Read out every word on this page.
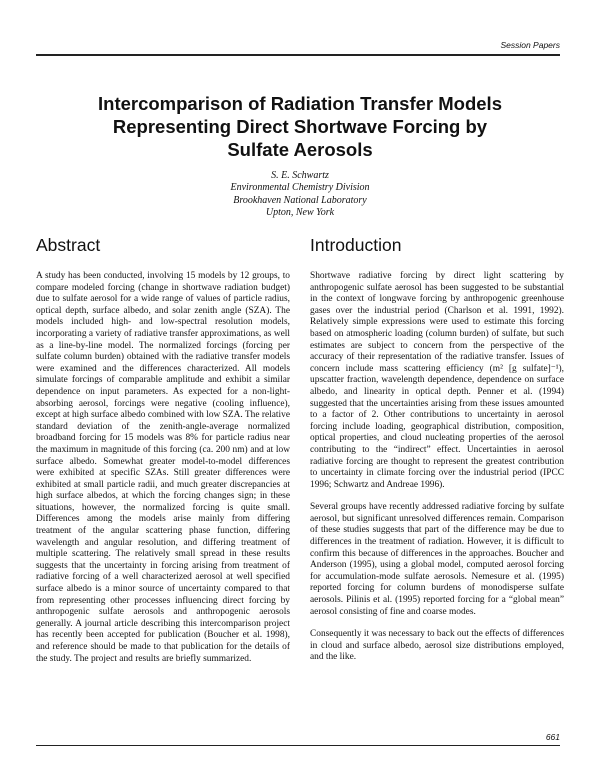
Session Papers
Intercomparison of Radiation Transfer Models
Representing Direct Shortwave Forcing by
Sulfate Aerosols
S. E. Schwartz
Environmental Chemistry Division
Brookhaven National Laboratory
Upton, New York
Abstract

A study has been conducted, involving 15 models by 12 groups, to compare modeled forcing (change in shortwave radiation budget) due to sulfate aerosol for a wide range of values of particle radius, optical depth, surface albedo, and solar zenith angle (SZA). The models included high- and low-spectral resolution models, incorporating a variety of radiative transfer approximations, as well as a line-by-line model. The normalized forcings (forcing per sulfate column burden) obtained with the radiative transfer models were examined and the differences characterized. All models simulate forcings of comparable amplitude and exhibit a similar dependence on input parameters. As expected for a non-light-absorbing aerosol, forcings were negative (cooling influence), except at high surface albedo combined with low SZA. The relative standard deviation of the zenith-angle-average normalized broadband forcing for 15 models was 8% for particle radius near the maximum in magnitude of this forcing (ca. 200 nm) and at low surface albedo. Somewhat greater model-to-model differences were exhibited at specific SZAs. Still greater differences were exhibited at small particle radii, and much greater discrepancies at high surface albedos, at which the forcing changes sign; in these situations, however, the normalized forcing is quite small. Differences among the models arise mainly from differing treatment of the angular scattering phase function, differing wavelength and angular resolution, and differing treatment of multiple scattering. The relatively small spread in these results suggests that the uncertainty in forcing arising from treatment of radiative forcing of a well characterized aerosol at well specified surface albedo is a minor source of uncertainty compared to that from representing other processes influencing direct forcing by anthropogenic sulfate aerosols and anthropogenic aerosols generally. A journal article describing this intercomparison project has recently been accepted for publication (Boucher et al. 1998), and reference should be made to that publication for the details of the study. The project and results are briefly summarized.

Introduction

Shortwave radiative forcing by direct light scattering by anthropogenic sulfate aerosol has been suggested to be substantial in the context of longwave forcing by anthropogenic greenhouse gases over the industrial period (Charlson et al. 1991, 1992). Relatively simple expressions were used to estimate this forcing based on atmospheric loading (column burden) of sulfate, but such estimates are subject to concern from the perspective of the accuracy of their representation of the radiative transfer. Issues of concern include mass scattering efficiency (m² [g sulfate]⁻¹), upscatter fraction, wavelength dependence, dependence on surface albedo, and linearity in optical depth. Penner et al. (1994) suggested that the uncertainties arising from these issues amounted to a factor of 2. Other contributions to uncertainty in aerosol forcing include loading, geographical distribution, composition, optical properties, and cloud nucleating properties of the aerosol contributing to the “indirect” effect. Uncertainties in aerosol radiative forcing are thought to represent the greatest contribution to uncertainty in climate forcing over the industrial period (IPCC 1996; Schwartz and Andreae 1996).

Several groups have recently addressed radiative forcing by sulfate aerosol, but significant unresolved differences remain. Comparison of these studies suggests that part of the difference may be due to differences in the treatment of radiation. However, it is difficult to confirm this because of differences in the approaches. Boucher and Anderson (1995), using a global model, computed aerosol forcing for accumulation-mode sulfate aerosols. Nemesure et al. (1995) reported forcing for column burdens of monodisperse sulfate aerosols. Pilinis et al. (1995) reported forcing for a “global mean” aerosol consisting of fine and coarse modes.

Consequently it was necessary to back out the effects of differences in cloud and surface albedo, aerosol size distributions employed, and the like.

661
